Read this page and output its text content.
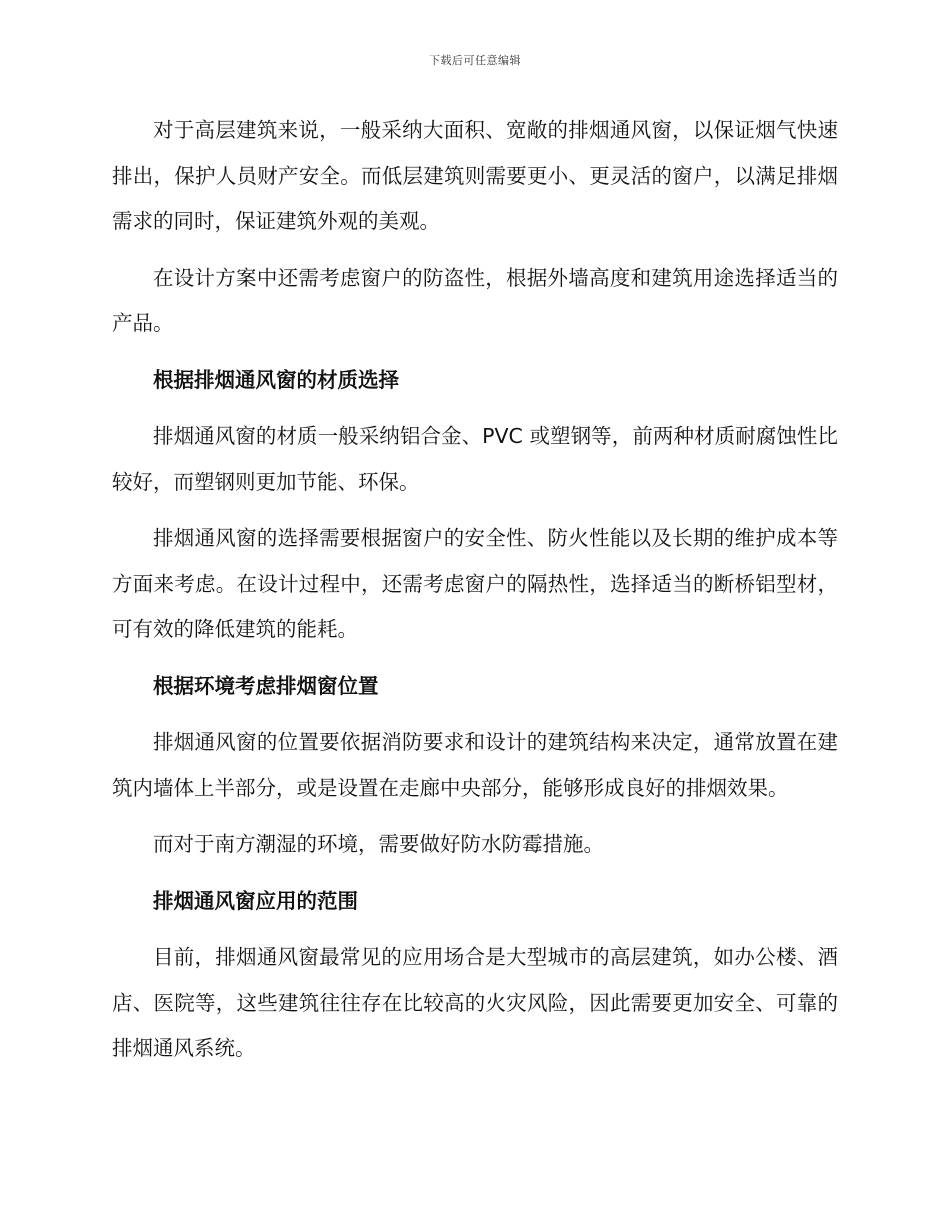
下载后可任意编辑

对于高层建筑来说，一般采纳大面积、宽敞的排烟通风窗，以保证烟气快速排出，保护人员财产安全。而低层建筑则需要更小、更灵活的窗户，以满足排烟需求的同时，保证建筑外观的美观。

在设计方案中还需考虑窗户的防盗性，根据外墙高度和建筑用途选择适当的产品。

根据排烟通风窗的材质选择

排烟通风窗的材质一般采纳铝合金、PVC 或塑钢等，前两种材质耐腐蚀性比较好，而塑钢则更加节能、环保。

排烟通风窗的选择需要根据窗户的安全性、防火性能以及长期的维护成本等方面来考虑。在设计过程中，还需考虑窗户的隔热性，选择适当的断桥铝型材，可有效的降低建筑的能耗。

根据环境考虑排烟窗位置

排烟通风窗的位置要依据消防要求和设计的建筑结构来决定，通常放置在建筑内墙体上半部分，或是设置在走廊中央部分，能够形成良好的排烟效果。

而对于南方潮湿的环境，需要做好防水防霉措施。

排烟通风窗应用的范围

目前，排烟通风窗最常见的应用场合是大型城市的高层建筑，如办公楼、酒店、医院等，这些建筑往往存在比较高的火灾风险，因此需要更加安全、可靠的排烟通风系统。
